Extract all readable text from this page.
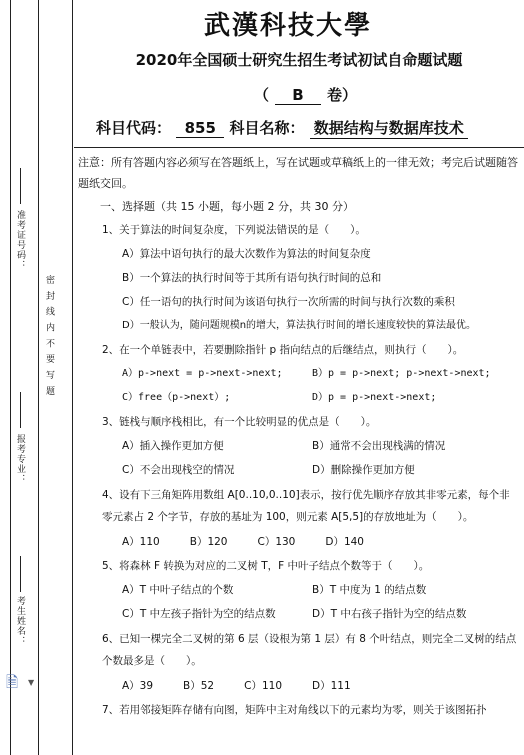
准考证号码：
报考专业：
考生姓名：
密 封 线 内 不 要 写 题
🗎 ▼
武漢科技大學
2020年全国硕士研究生招生考试初试自命题试题
（ B 卷）
科目代码： 855 科目名称： 数据结构与数据库技术
注意：所有答题内容必须写在答题纸上，写在试题或草稿纸上的一律无效；考完后试题随答题纸交回。
一、选择题（共 15 小题，每小题 2 分，共 30 分）
1、关于算法的时间复杂度，下列说法错误的是（　　）。
A）算法中语句执行的最大次数作为算法的时间复杂度
B）一个算法的执行时间等于其所有语句执行时间的总和
C）任一语句的执行时间为该语句执行一次所需的时间与执行次数的乘积
D）一般认为，随问题规模n的增大，算法执行时间的增长速度较快的算法最优。
2、在一个单链表中，若要删除指针 p 指向结点的后继结点，则执行（　　）。
A）p->next = p->next->next;	B）p = p->next; p->next->next;
C）free（p->next）;	D）p = p->next->next;
3、链栈与顺序栈相比，有一个比较明显的优点是（　　）。
A）插入操作更加方便	B）通常不会出现栈满的情况
C）不会出现栈空的情况	D）删除操作更加方便
4、设有下三角矩阵用数组 A[0..10,0..10]表示，按行优先顺序存放其非零元素，每个非零元素占 2 个字节，存放的基址为 100，则元素 A[5,5]的存放地址为（　　）。
A）110	B）120	C）130	D）140
5、将森林 F 转换为对应的二叉树 T，F 中叶子结点个数等于（　　）。
A）T 中叶子结点的个数	B）T 中度为 1 的结点数
C）T 中左孩子指针为空的结点数	D）T 中右孩子指针为空的结点数
6、已知一棵完全二叉树的第 6 层（设根为第 1 层）有 8 个叶结点，则完全二叉树的结点个数最多是（　　）。
A）39	B）52	C）110	D）111
7、若用邻接矩阵存储有向图，矩阵中主对角线以下的元素均为零，则关于该图拓扑
